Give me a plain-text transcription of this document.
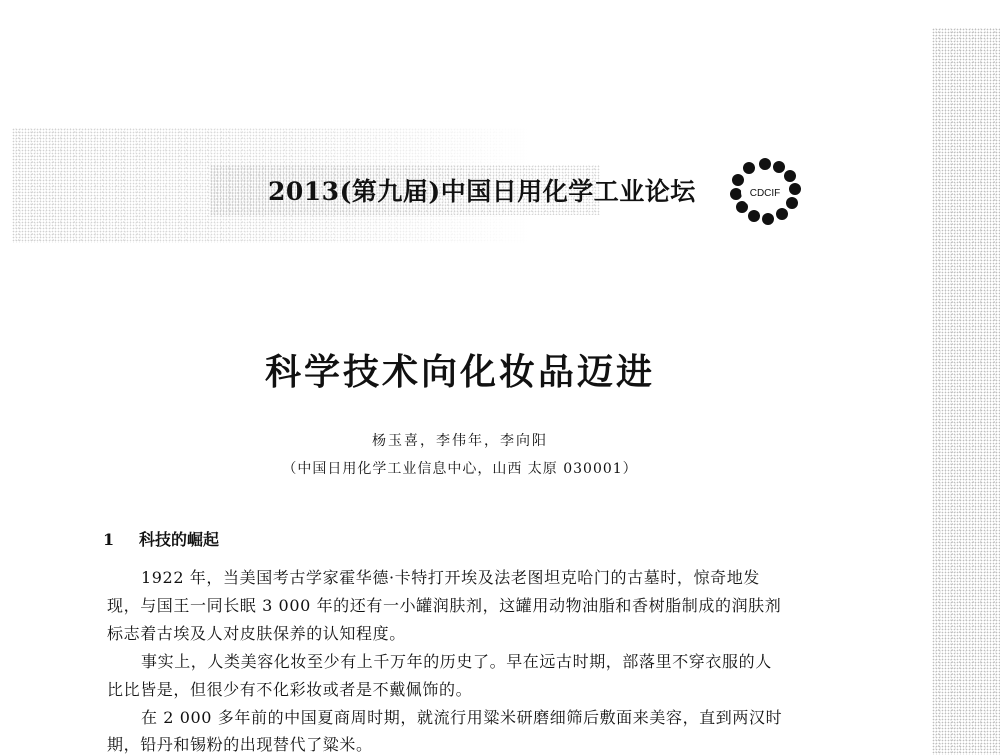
2013(第九届)中国日用化学工业论坛	CDCIF
科学技术向化妆品迈进
杨玉喜，李伟年，李向阳
（中国日用化学工业信息中心，山西 太原 030001）
1 科技的崛起
1922 年，当美国考古学家霍华德·卡特打开埃及法老图坦克哈门的古墓时，惊奇地发
现，与国王一同长眠 3 000 年的还有一小罐润肤剂，这罐用动物油脂和香树脂制成的润肤剂
标志着古埃及人对皮肤保养的认知程度。
事实上，人类美容化妆至少有上千万年的历史了。早在远古时期，部落里不穿衣服的人
比比皆是，但很少有不化彩妆或者是不戴佩饰的。
在 2 000 多年前的中国夏商周时期，就流行用粱米研磨细筛后敷面来美容，直到两汉时
期，铅丹和锡粉的出现替代了粱米。
